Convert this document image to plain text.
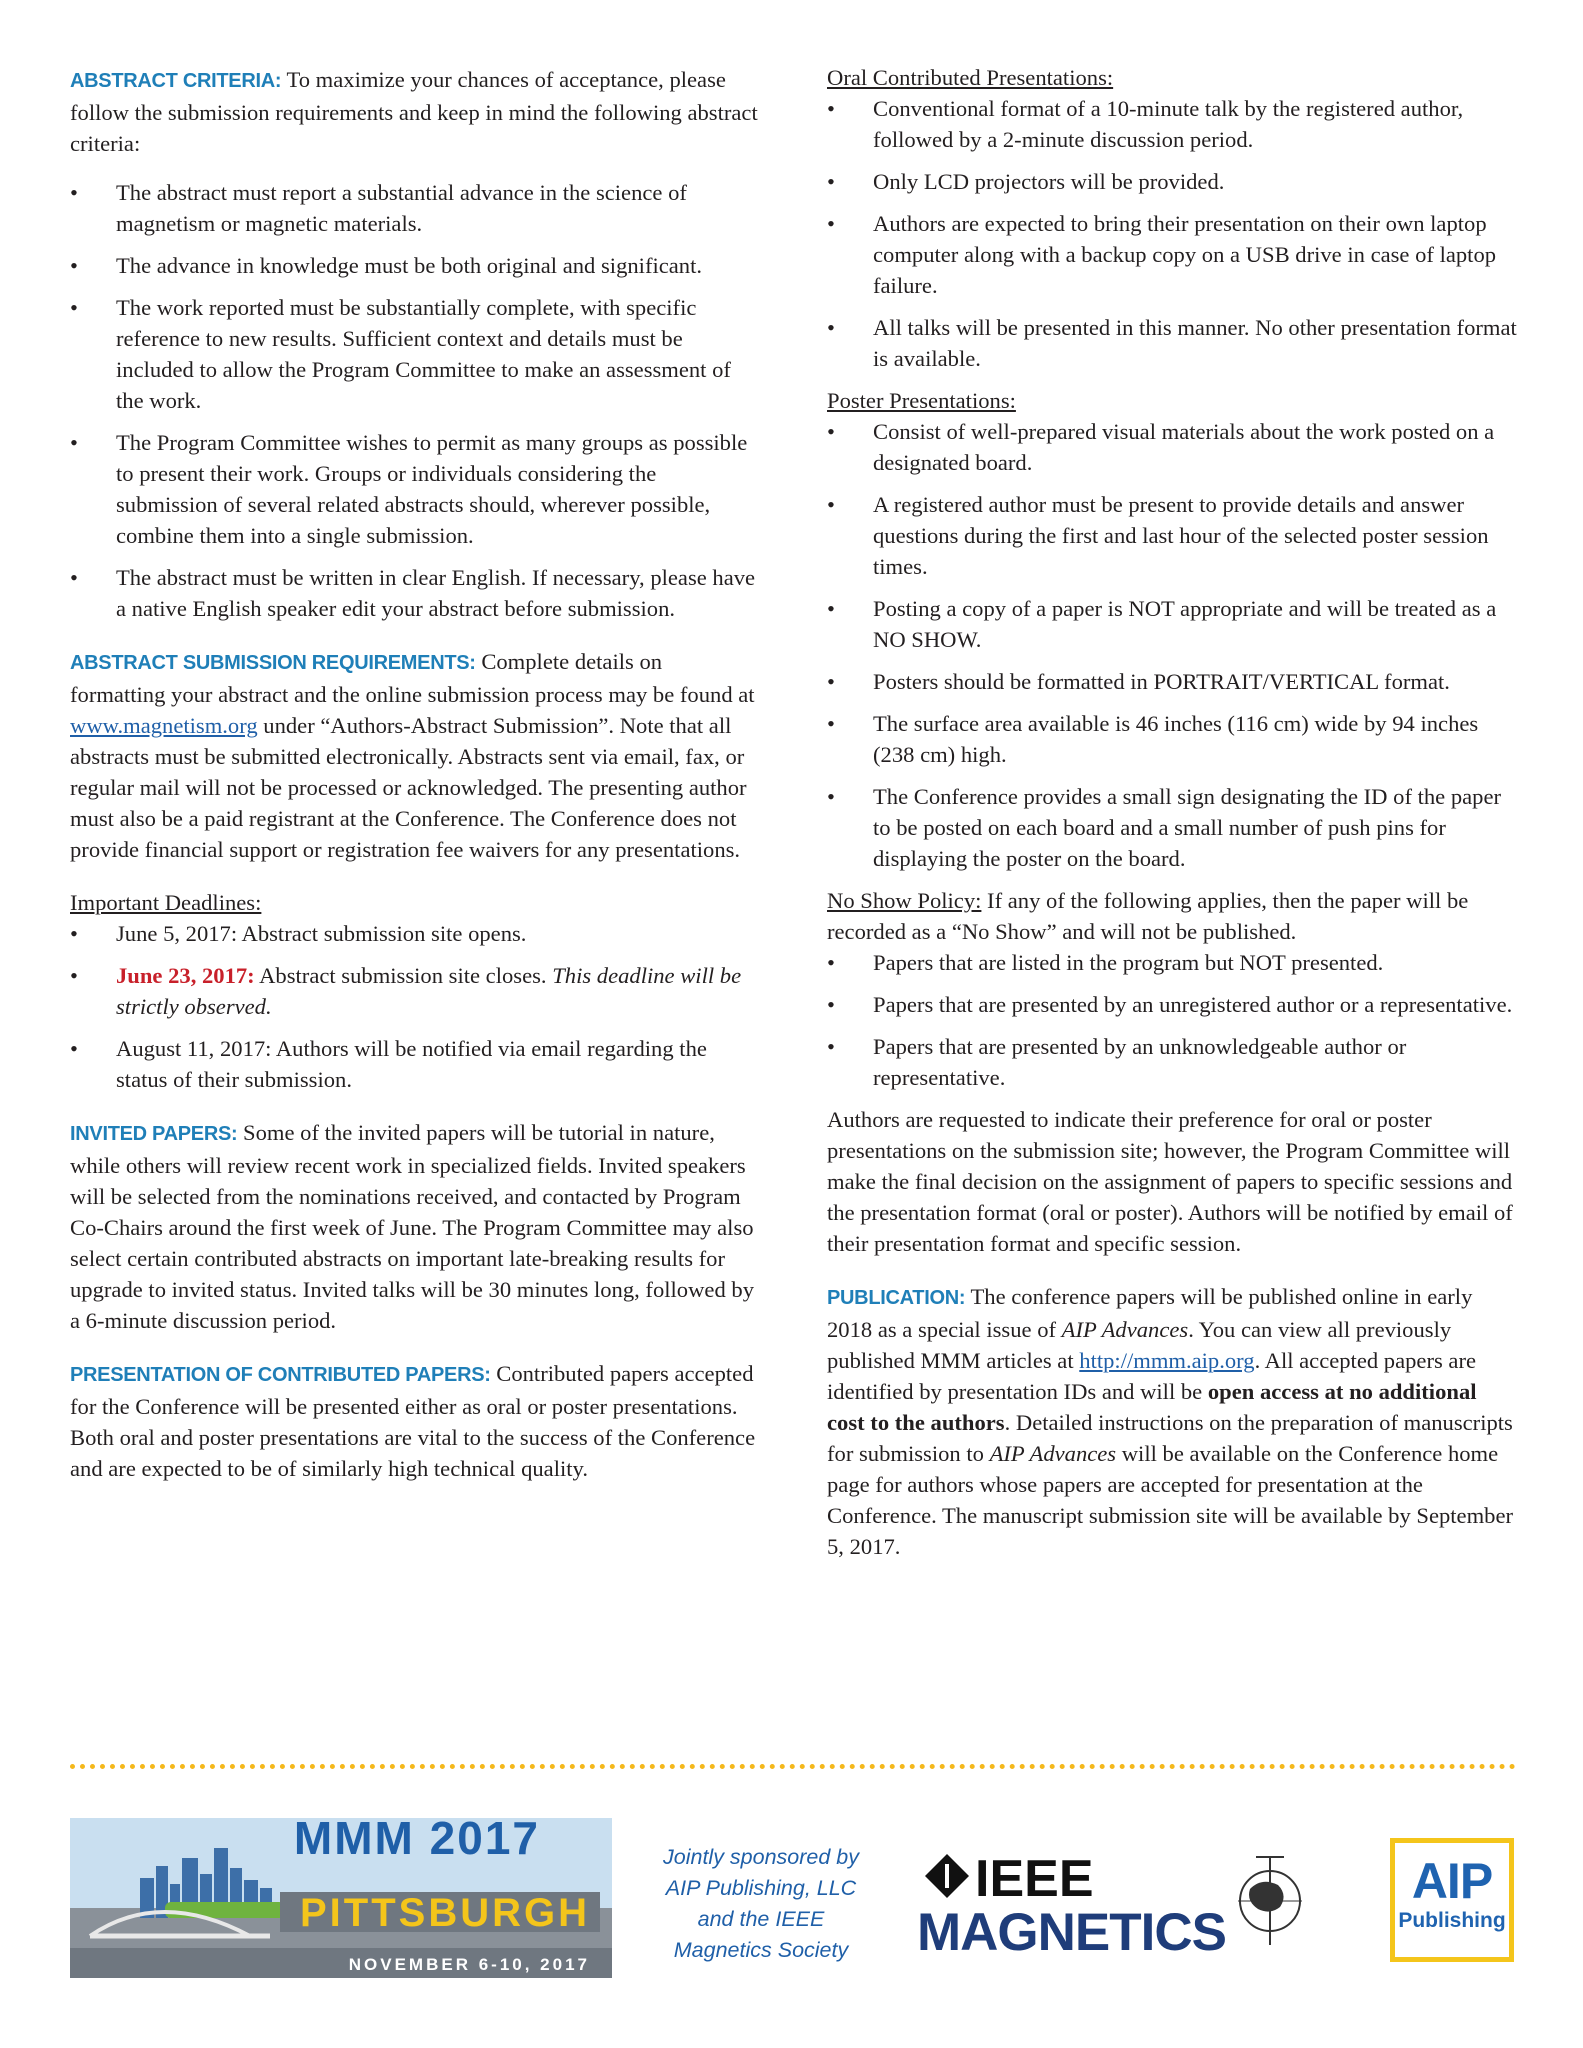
ABSTRACT CRITERIA: To maximize your chances of acceptance, please follow the submission requirements and keep in mind the following abstract criteria:

• The abstract must report a substantial advance in the science of magnetism or magnetic materials.
• The advance in knowledge must be both original and significant.
• The work reported must be substantially complete, with specific reference to new results. Sufficient context and details must be included to allow the Program Committee to make an assessment of the work.
• The Program Committee wishes to permit as many groups as possible to present their work. Groups or individuals considering the submission of several related abstracts should, wherever possible, combine them into a single submission.
• The abstract must be written in clear English. If necessary, please have a native English speaker edit your abstract before submission.

ABSTRACT SUBMISSION REQUIREMENTS: Complete details on formatting your abstract and the online submission process may be found at www.magnetism.org under “Authors-Abstract Submission”. Note that all abstracts must be submitted electronically. Abstracts sent via email, fax, or regular mail will not be processed or acknowledged. The presenting author must also be a paid registrant at the Conference. The Conference does not provide financial support or registration fee waivers for any presentations.

Important Deadlines:

• June 5, 2017: Abstract submission site opens.
• June 23, 2017: Abstract submission site closes. This deadline will be strictly observed.
• August 11, 2017: Authors will be notified via email regarding the status of their submission.

INVITED PAPERS: Some of the invited papers will be tutorial in nature, while others will review recent work in specialized fields. Invited speakers will be selected from the nominations received, and contacted by Program Co-Chairs around the first week of June. The Program Committee may also select certain contributed abstracts on important late-breaking results for upgrade to invited status. Invited talks will be 30 minutes long, followed by a 6-minute discussion period.

PRESENTATION OF CONTRIBUTED PAPERS: Contributed papers accepted for the Conference will be presented either as oral or poster presentations. Both oral and poster presentations are vital to the success of the Conference and are expected to be of similarly high technical quality.

Oral Contributed Presentations:

• Conventional format of a 10-minute talk by the registered author, followed by a 2-minute discussion period.
• Only LCD projectors will be provided.
• Authors are expected to bring their presentation on their own laptop computer along with a backup copy on a USB drive in case of laptop failure.
• All talks will be presented in this manner. No other presentation format is available.

Poster Presentations:

• Consist of well-prepared visual materials about the work posted on a designated board.
• A registered author must be present to provide details and answer questions during the first and last hour of the selected poster session times.
• Posting a copy of a paper is NOT appropriate and will be treated as a NO SHOW.
• Posters should be formatted in PORTRAIT/VERTICAL format.
• The surface area available is 46 inches (116 cm) wide by 94 inches (238 cm) high.
• The Conference provides a small sign designating the ID of the paper to be posted on each board and a small number of push pins for displaying the poster on the board.

No Show Policy: If any of the following applies, then the paper will be recorded as a “No Show” and will not be published.

• Papers that are listed in the program but NOT presented.
• Papers that are presented by an unregistered author or a representative.
• Papers that are presented by an unknowledgeable author or representative.

Authors are requested to indicate their preference for oral or poster presentations on the submission site; however, the Program Committee will make the final decision on the assignment of papers to specific sessions and the presentation format (oral or poster). Authors will be notified by email of their presentation format and specific session.

PUBLICATION: The conference papers will be published online in early 2018 as a special issue of AIP Advances. You can view all previously published MMM articles at http://mmm.aip.org. All accepted papers are identified by presentation IDs and will be open access at no additional cost to the authors. Detailed instructions on the preparation of manuscripts for submission to AIP Advances will be available on the Conference home page for authors whose papers are accepted for presentation at the Conference. The manuscript submission site will be available by September 5, 2017.

MMM 2017
PITTSBURGH
NOVEMBER 6-10, 2017
Jointly sponsored by
AIP Publishing, LLC
and the IEEE
Magnetics Society
IEEE
MAGNETICS
AIP
Publishing
